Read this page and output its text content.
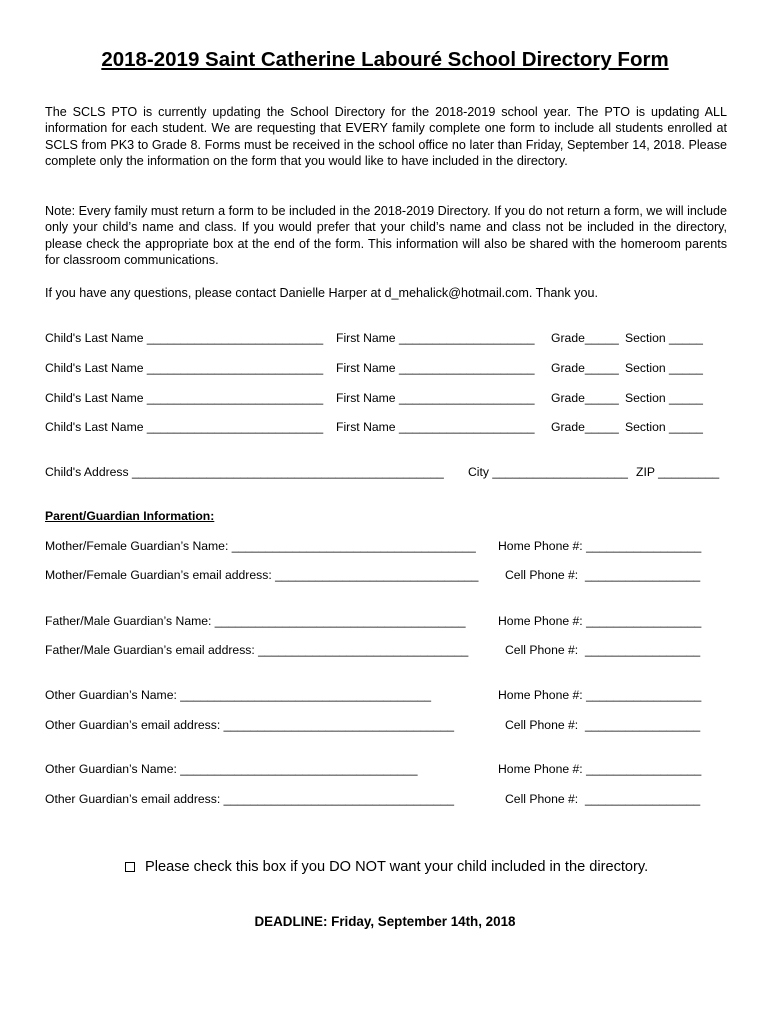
2018-2019 Saint Catherine Labouré School Directory Form

The SCLS PTO is currently updating the School Directory for the 2018-2019 school year. The PTO is updating ALL information for each student. We are requesting that EVERY family complete one form to include all students enrolled at SCLS from PK3 to Grade 8. Forms must be received in the school office no later than Friday, September 14, 2018. Please complete only the information on the form that you would like to have included in the directory.

Note: Every family must return a form to be included in the 2018-2019 Directory. If you do not return a form, we will include only your child’s name and class. If you would prefer that your child’s name and class not be included in the directory, please check the appropriate box at the end of the form. This information will also be shared with the homeroom parents for classroom communications.

If you have any questions, please contact Danielle Harper at d_mehalick@hotmail.com. Thank you.

Child's Last Name __________________________ First Name ____________________ Grade_____ Section _____
Child's Last Name __________________________ First Name ____________________ Grade_____ Section _____
Child's Last Name __________________________ First Name ____________________ Grade_____ Section _____
Child's Last Name __________________________ First Name ____________________ Grade_____ Section _____
Child's Address ______________________________________________ City ____________________ ZIP _________
Parent/Guardian Information:
Mother/Female Guardian’s Name: ____________________________________ Home Phone #: _________________
Mother/Female Guardian’s email address: ______________________________ Cell Phone #:  _________________
Father/Male Guardian’s Name: _____________________________________	Home Phone #: _________________
Father/Male Guardian’s email address: _______________________________	Cell Phone #:  _________________
Other Guardian’s Name: _____________________________________	Home Phone #: _________________
Other Guardian’s email address: __________________________________	Cell Phone #:  _________________
Other Guardian’s Name: ___________________________________	Home Phone #: _________________
Other Guardian’s email address: __________________________________	Cell Phone #:  _________________
Please check this box if you DO NOT want your child included in the directory.
DEADLINE: Friday, September 14th, 2018
